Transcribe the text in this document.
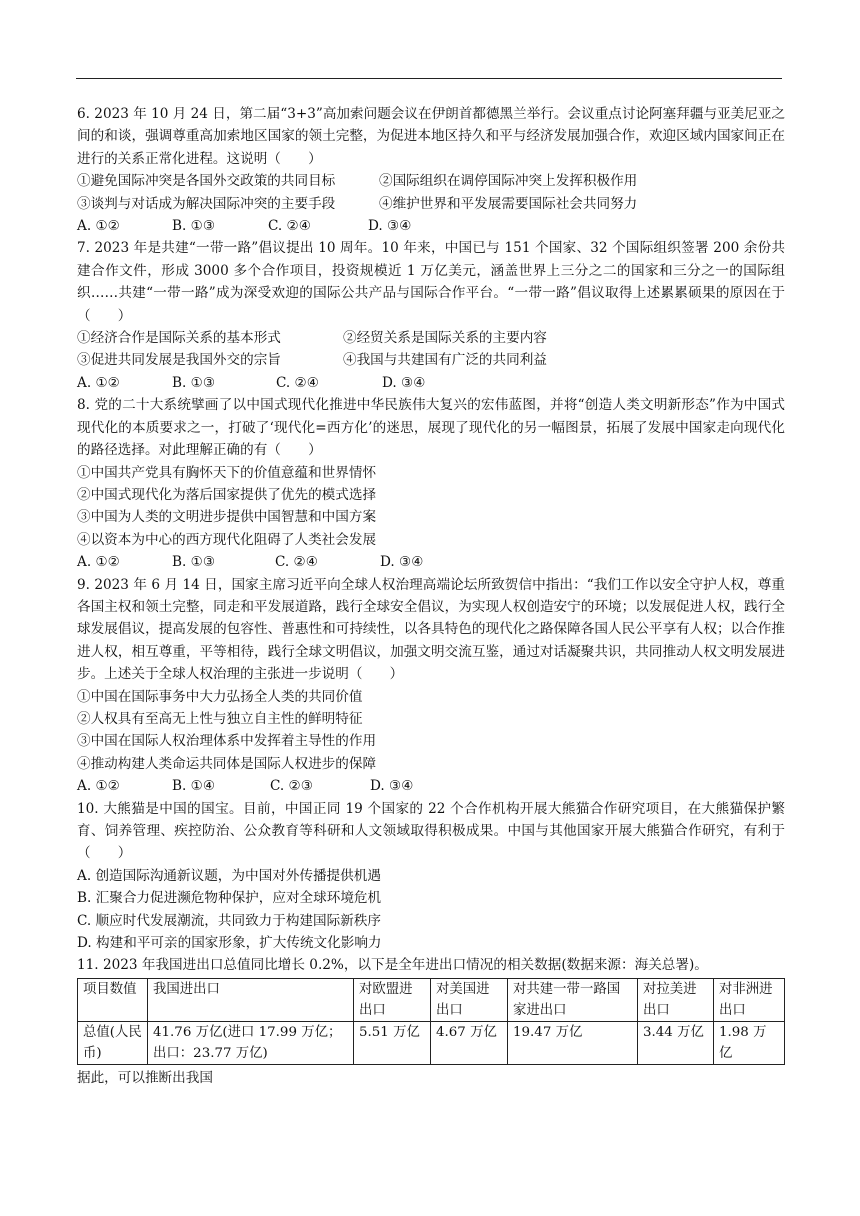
6. 2023 年 10 月 24 日，第二届“3+3”高加索问题会议在伊朗首都德黑兰举行。会议重点讨论阿塞拜疆与亚美尼亚之间的和谈，强调尊重高加索地区国家的领土完整，为促进本地区持久和平与经济发展加强合作，欢迎区域内国家间正在进行的关系正常化进程。这说明（　　）

①避免国际冲突是各国外交政策的共同目标	②国际组织在调停国际冲突上发挥积极作用
③谈判与对话成为解决国际冲突的主要手段	④维护世界和平发展需要国际社会共同努力
A. ①②	B. ①③	C. ②④	D. ③④

7. 2023 年是共建“一带一路”倡议提出 10 周年。10 年来，中国已与 151 个国家、32 个国际组织签署 200 余份共建合作文件，形成 3000 多个合作项目，投资规模近 1 万亿美元，涵盖世界上三分之二的国家和三分之一的国际组织……共建“一带一路”成为深受欢迎的国际公共产品与国际合作平台。“一带一路”倡议取得上述累累硕果的原因在于（　　）

①经济合作是国际关系的基本形式	②经贸关系是国际关系的主要内容
③促进共同发展是我国外交的宗旨	④我国与共建国有广泛的共同利益
A. ①②	B. ①③	C. ②④	D. ③④

8. 党的二十大系统擘画了以中国式现代化推进中华民族伟大复兴的宏伟蓝图，并将“创造人类文明新形态”作为中国式现代化的本质要求之一，打破了‘现代化=西方化’的迷思，展现了现代化的另一幅图景，拓展了发展中国家走向现代化的路径选择。对此理解正确的有（　　）

①中国共产党具有胸怀天下的价值意蕴和世界情怀
②中国式现代化为落后国家提供了优先的模式选择
③中国为人类的文明进步提供中国智慧和中国方案
④以资本为中心的西方现代化阻碍了人类社会发展
A. ①②	B. ①③	C. ②④	D. ③④

9. 2023 年 6 月 14 日，国家主席习近平向全球人权治理高端论坛所致贺信中指出：“我们工作以安全守护人权，尊重各国主权和领土完整，同走和平发展道路，践行全球安全倡议，为实现人权创造安宁的环境；以发展促进人权，践行全球发展倡议，提高发展的包容性、普惠性和可持续性，以各具特色的现代化之路保障各国人民公平享有人权；以合作推进人权，相互尊重，平等相待，践行全球文明倡议，加强文明交流互鉴，通过对话凝聚共识，共同推动人权文明发展进步。上述关于全球人权治理的主张进一步说明（　　）

①中国在国际事务中大力弘扬全人类的共同价值
②人权具有至高无上性与独立自主性的鲜明特征
③中国在国际人权治理体系中发挥着主导性的作用
④推动构建人类命运共同体是国际人权进步的保障
A. ①②	B. ①④	C. ②③	D. ③④

10. 大熊猫是中国的国宝。目前，中国正同 19 个国家的 22 个合作机构开展大熊猫合作研究项目，在大熊猫保护繁育、饲养管理、疾控防治、公众教育等科研和人文领域取得积极成果。中国与其他国家开展大熊猫合作研究，有利于（　　）

A. 创造国际沟通新议题，为中国对外传播提供机遇
B. 汇聚合力促进濒危物种保护，应对全球环境危机
C. 顺应时代发展潮流，共同致力于构建国际新秩序
D. 构建和平可亲的国家形象，扩大传统文化影响力

11. 2023 年我国进出口总值同比增长 0.2%，以下是全年进出口情况的相关数据(数据来源：海关总署)。

项目数值	我国进出口	对欧盟进出口	对美国进出口	对共建一带一路国家进出口	对拉美进出口	对非洲进出口
总值(人民币)	41.76 万亿(进口 17.99 万亿；出口：23.77 万亿)	5.51 万亿	4.67 万亿	19.47 万亿	3.44 万亿	1.98 万亿

据此，可以推断出我国
